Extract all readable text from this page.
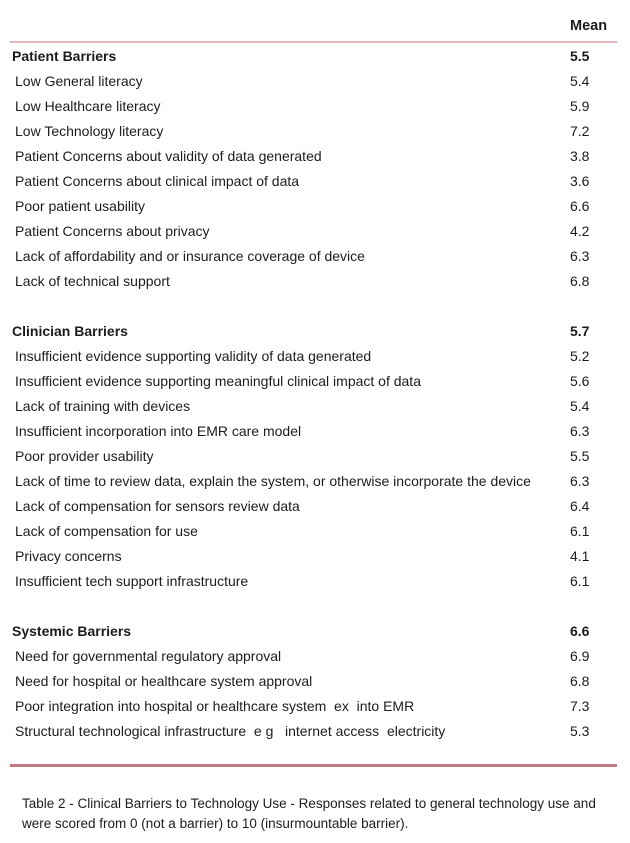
Mean
Patient Barriers	5.5
Low General literacy	5.4
Low Healthcare literacy	5.9
Low Technology literacy	7.2
Patient Concerns about validity of data generated	3.8
Patient Concerns about clinical impact of data	3.6
Poor patient usability	6.6
Patient Concerns about privacy	4.2
Lack of affordability and or insurance coverage of device	6.3
Lack of technical support	6.8
Clinician Barriers	5.7
Insufficient evidence supporting validity of data generated	5.2
Insufficient evidence supporting meaningful clinical impact of data	5.6
Lack of training with devices	5.4
Insufficient incorporation into EMR care model	6.3
Poor provider usability	5.5
Lack of time to review data, explain the system, or otherwise incorporate the device	6.3
Lack of compensation for sensors review data	6.4
Lack of compensation for use	6.1
Privacy concerns	4.1
Insufficient tech support infrastructure	6.1
Systemic Barriers	6.6
Need for governmental regulatory approval	6.9
Need for hospital or healthcare system approval	6.8
Poor integration into hospital or healthcare system  ex  into EMR	7.3
Structural technological infrastructure  e g   internet access  electricity	5.3
Table 2 - Clinical Barriers to Technology Use - Responses related to general technology use and were scored from 0 (not a barrier) to 10 (insurmountable barrier).
